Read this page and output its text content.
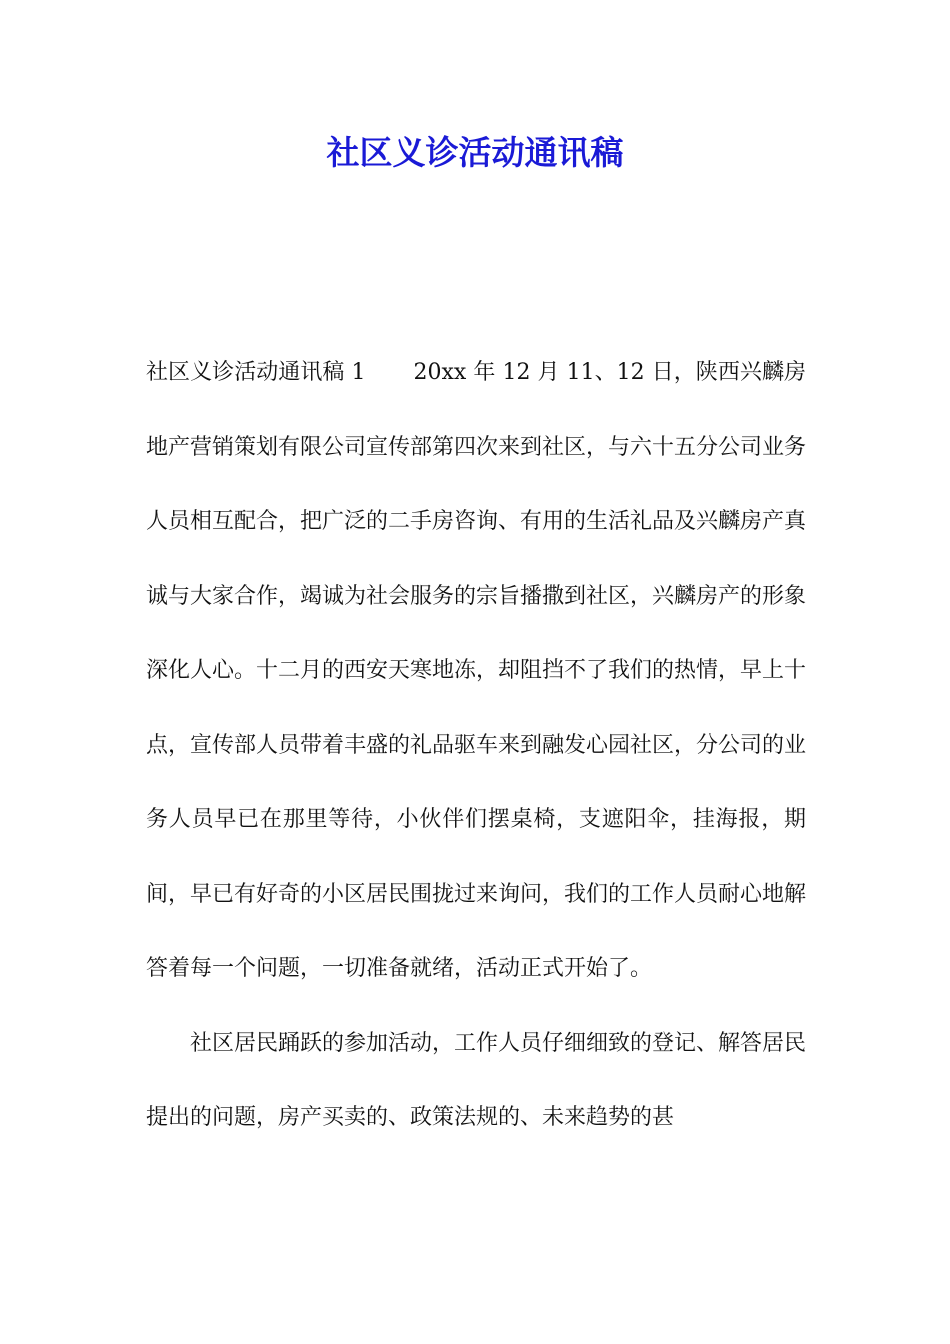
社区义诊活动通讯稿

社区义诊活动通讯稿 1 20xx 年 12 月 11、12 日，陕西兴麟房地产营销策划有限公司宣传部第四次来到社区，与六十五分公司业务人员相互配合，把广泛的二手房咨询、有用的生活礼品及兴麟房产真诚与大家合作，竭诚为社会服务的宗旨播撒到社区，兴麟房产的形象深化人心。十二月的西安天寒地冻，却阻挡不了我们的热情，早上十点，宣传部人员带着丰盛的礼品驱车来到融发心园社区，分公司的业务人员早已在那里等待，小伙伴们摆桌椅，支遮阳伞，挂海报，期间，早已有好奇的小区居民围拢过来询问，我们的工作人员耐心地解答着每一个问题，一切准备就绪，活动正式开始了。

社区居民踊跃的参加活动，工作人员仔细细致的登记、解答居民提出的问题，房产买卖的、政策法规的、未来趋势的甚
